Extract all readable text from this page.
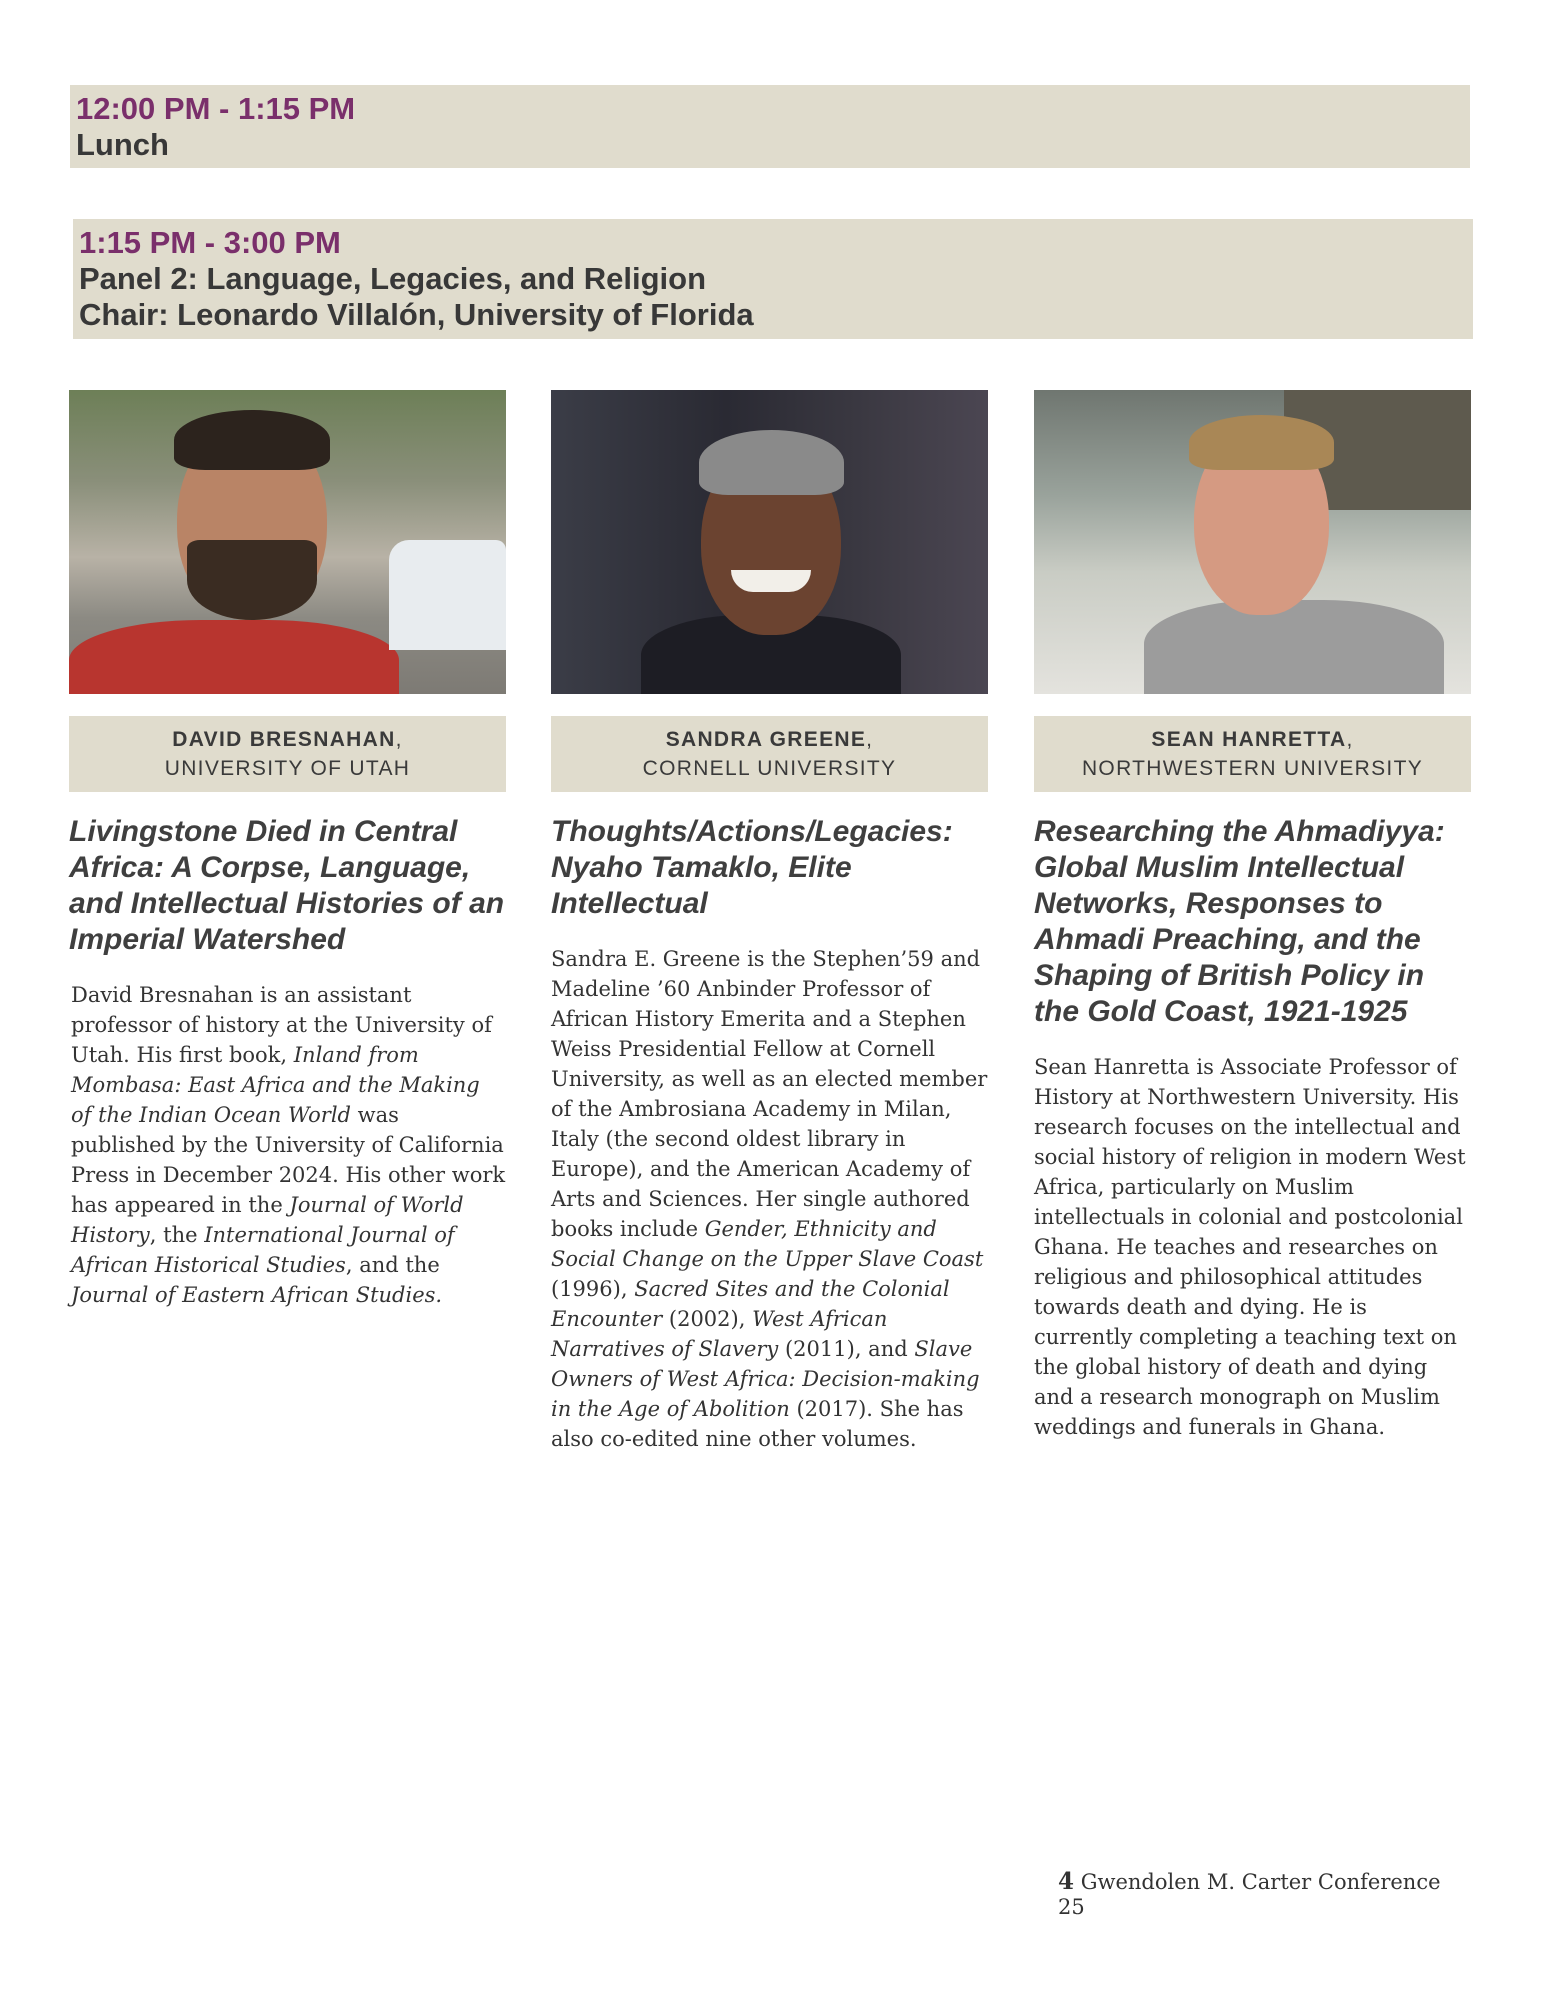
12:00 PM - 1:15 PM
Lunch
1:15 PM - 3:00 PM
Panel 2: Language, Legacies, and Religion
Chair: Leonardo Villalón, University of Florida
DAVID BRESNAHAN,
UNIVERSITY OF UTAH
Livingstone Died in Central Africa: A Corpse, Language, and Intellectual Histories of an Imperial Watershed
David Bresnahan is an assistant professor of history at the University of Utah. His first book, Inland from Mombasa: East Africa and the Making of the Indian Ocean World was published by the University of California Press in December 2024. His other work has appeared in the Journal of World History, the International Journal of African Historical Studies, and the Journal of Eastern African Studies.
SANDRA GREENE,
CORNELL UNIVERSITY
Thoughts/Actions/Legacies: Nyaho Tamaklo, Elite Intellectual
Sandra E. Greene is the Stephen’59 and Madeline ’60 Anbinder Professor of African History Emerita and a Stephen Weiss Presidential Fellow at Cornell University, as well as an elected member of the Ambrosiana Academy in Milan, Italy (the second oldest library in Europe), and the American Academy of Arts and Sciences. Her single authored books include Gender, Ethnicity and Social Change on the Upper Slave Coast (1996), Sacred Sites and the Colonial Encounter (2002), West African Narratives of Slavery (2011), and Slave Owners of West Africa: Decision-making in the Age of Abolition (2017). She has also co-edited nine other volumes.
SEAN HANRETTA,
NORTHWESTERN UNIVERSITY
Researching the Ahmadiyya: Global Muslim Intellectual Networks, Responses to Ahmadi Preaching, and the Shaping of British Policy in the Gold Coast, 1921-1925
Sean Hanretta is Associate Professor of History at Northwestern University. His research focuses on the intellectual and social history of religion in modern West Africa, particularly on Muslim intellectuals in colonial and postcolonial Ghana. He teaches and researches on religious and philosophical attitudes towards death and dying. He is currently completing a teaching text on the global history of death and dying and a research monograph on Muslim weddings and funerals in Ghana.
4 Gwendolen M. Carter Conference 25
